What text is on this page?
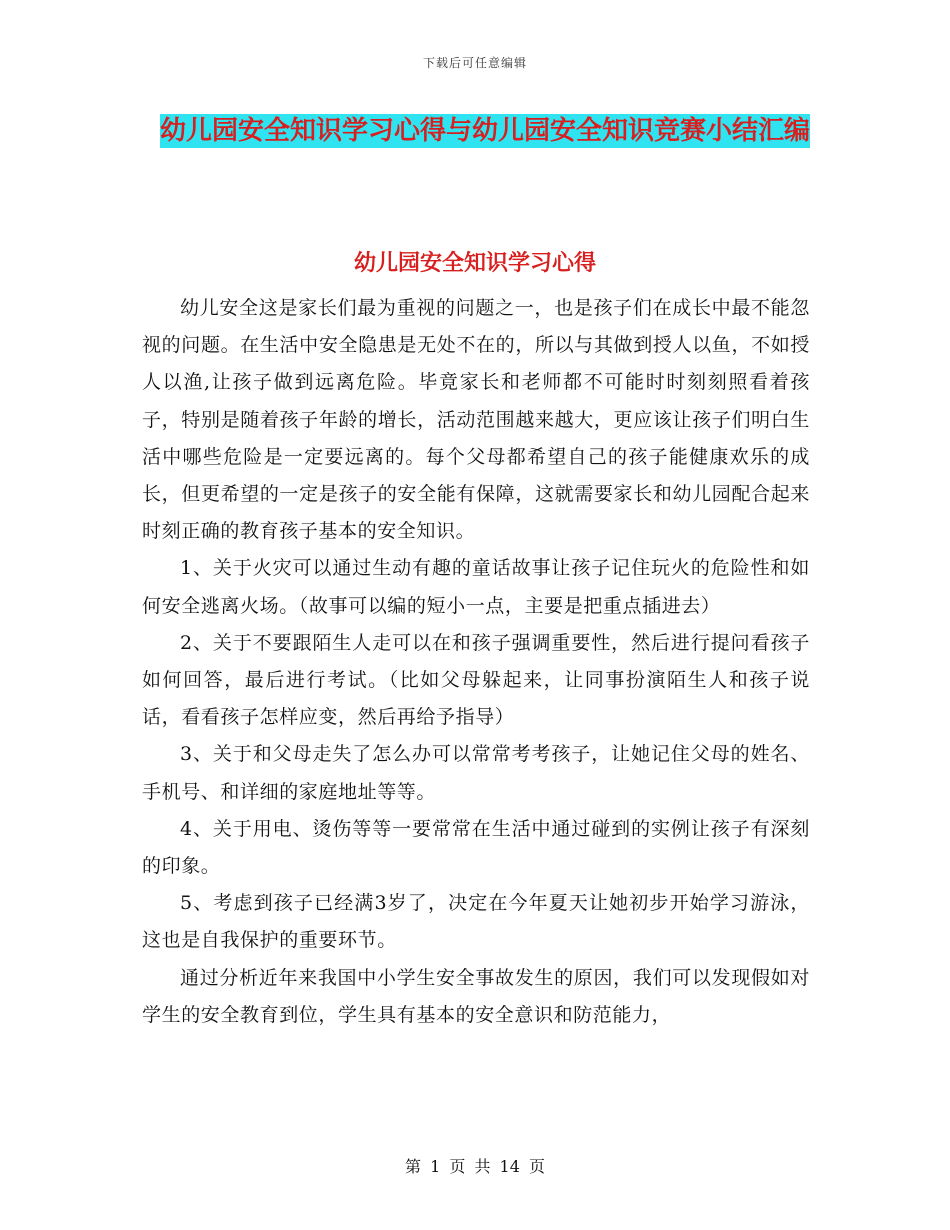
下载后可任意编辑
幼儿园安全知识学习心得与幼儿园安全知识竞赛小结汇编
幼儿园安全知识学习心得

幼儿安全这是家长们最为重视的问题之一，也是孩子们在成长中最不能忽视的问题。在生活中安全隐患是无处不在的，所以与其做到授人以鱼，不如授人以渔,让孩子做到远离危险。毕竟家长和老师都不可能时时刻刻照看着孩子，特别是随着孩子年龄的增长，活动范围越来越大，更应该让孩子们明白生活中哪些危险是一定要远离的。每个父母都希望自己的孩子能健康欢乐的成长，但更希望的一定是孩子的安全能有保障，这就需要家长和幼儿园配合起来时刻正确的教育孩子基本的安全知识。

1、关于火灾可以通过生动有趣的童话故事让孩子记住玩火的危险性和如何安全逃离火场。（故事可以编的短小一点，主要是把重点插进去）

2、关于不要跟陌生人走可以在和孩子强调重要性，然后进行提问看孩子如何回答，最后进行考试。（比如父母躲起来，让同事扮演陌生人和孩子说话，看看孩子怎样应变，然后再给予指导）

3、关于和父母走失了怎么办可以常常考考孩子，让她记住父母的姓名、手机号、和详细的家庭地址等等。

4、关于用电、烫伤等等一要常常在生活中通过碰到的实例让孩子有深刻的印象。

5、考虑到孩子已经满3岁了，决定在今年夏天让她初步开始学习游泳，这也是自我保护的重要环节。

通过分析近年来我国中小学生安全事故发生的原因，我们可以发现假如对学生的安全教育到位，学生具有基本的安全意识和防范能力，

第 1 页 共 14 页
